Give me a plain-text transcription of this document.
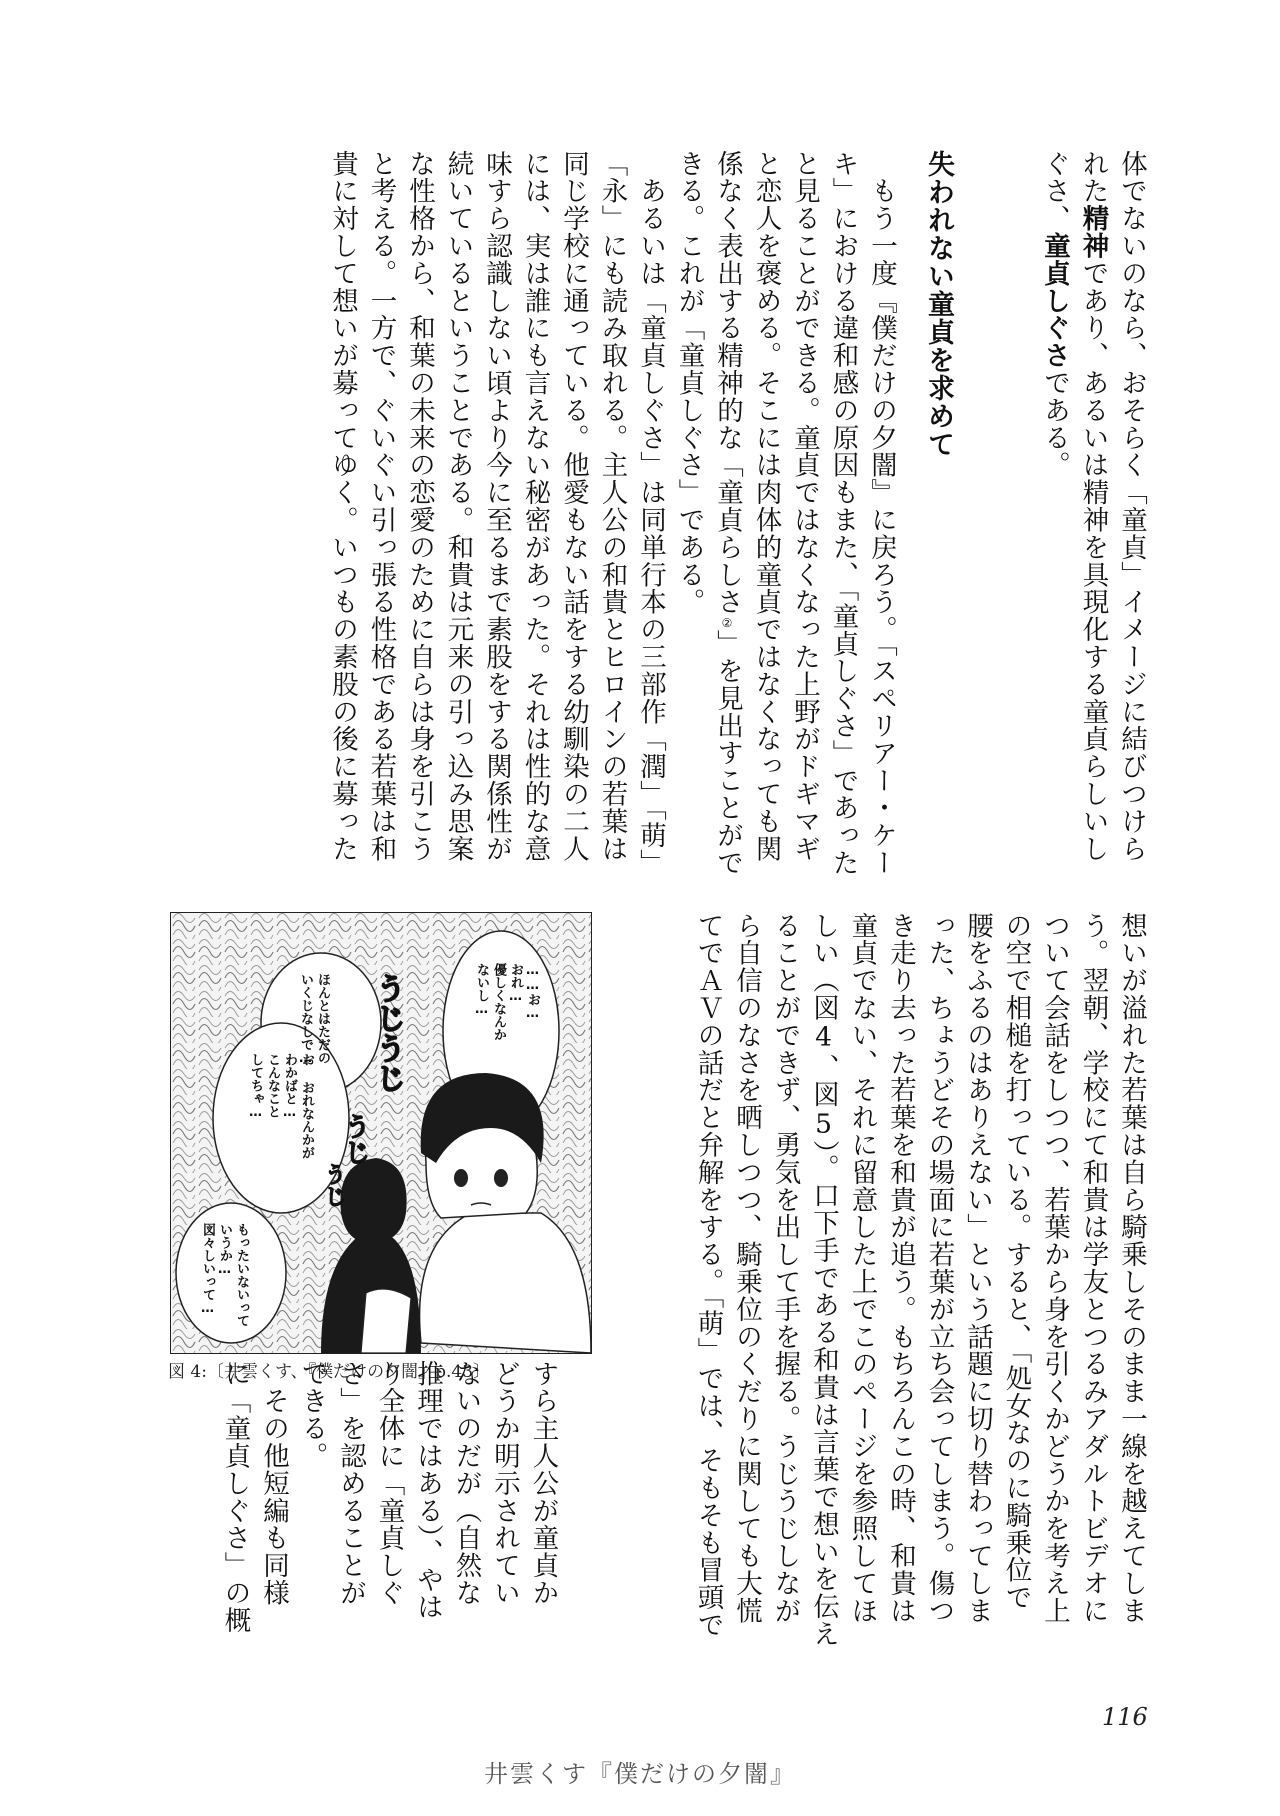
体でないのなら、おそらく「童貞」イメージに結びつけら
れた精神であり、あるいは精神を具現化する童貞らしいし
ぐさ、童貞しぐさである。
失われない童貞を求めて
　もう一度『僕だけの夕闇』に戻ろう。「スペリアー・ケー
キ」における違和感の原因もまた、「童貞しぐさ」であった
と見ることができる。童貞ではなくなった上野がドギマギ
と恋人を褒める。そこには肉体的童貞ではなくなっても関
係なく表出する精神的な「童貞らしさ②」を見出すことがで
きる。これが「童貞しぐさ」である。
　あるいは「童貞しぐさ」は同単行本の三部作「潤」「萌」
「永」にも読み取れる。主人公の和貴とヒロインの若葉は
同じ学校に通っている。他愛もない話をする幼馴染の二人
には、実は誰にも言えない秘密があった。それは性的な意
味すら認識しない頃より今に至るまで素股をする関係性が
続いているということである。和貴は元来の引っ込み思案
な性格から、和葉の未来の恋愛のために自らは身を引こう
と考える。一方で、ぐいぐい引っ張る性格である若葉は和
貴に対して想いが募ってゆく。いつもの素股の後に募った
想いが溢れた若葉は自ら騎乗しそのまま一線を越えてしま
う。翌朝、学校にて和貴は学友とつるみアダルトビデオに
ついて会話をしつつ、若葉から身を引くかどうかを考え上
の空で相槌を打っている。すると、「処女なのに騎乗位で
腰をふるのはありえない」という話題に切り替わってしま
った、ちょうどその場面に若葉が立ち会ってしまう。傷つ
き走り去った若葉を和貴が追う。もちろんこの時、和貴は
童貞でない、それに留意した上でこのページを参照してほ
しい（図4、図5）。口下手である和貴は言葉で想いを伝え
ることができず、勇気を出して手を握る。うじうじしなが
ら自信のなさを晒しつつ、騎乗位のくだりに関しても大慌
てでＡＶの話だと弁解をする。「萌」では、そもそも冒頭で
すら主人公が童貞か
どうか明示されてい
ないのだが（自然な
推理ではある）、やは
り全体に「童貞しぐ
さ」を認めることが
できる。
　その他短編も同様
に「童貞しぐさ」の概
……お…
おれ…
優しくなんか
ないし…
ほんとはただの
いくじなしで…
お おれなんかが
わかばと…
こんなこと
してちゃ…
もったいないって
いうか…
図々しいって…
うじうじ
うじ
うじ
図 4:〔井雲くす、『僕だけの夕闇』p.43〕
116
井雲くす『僕だけの夕闇』
